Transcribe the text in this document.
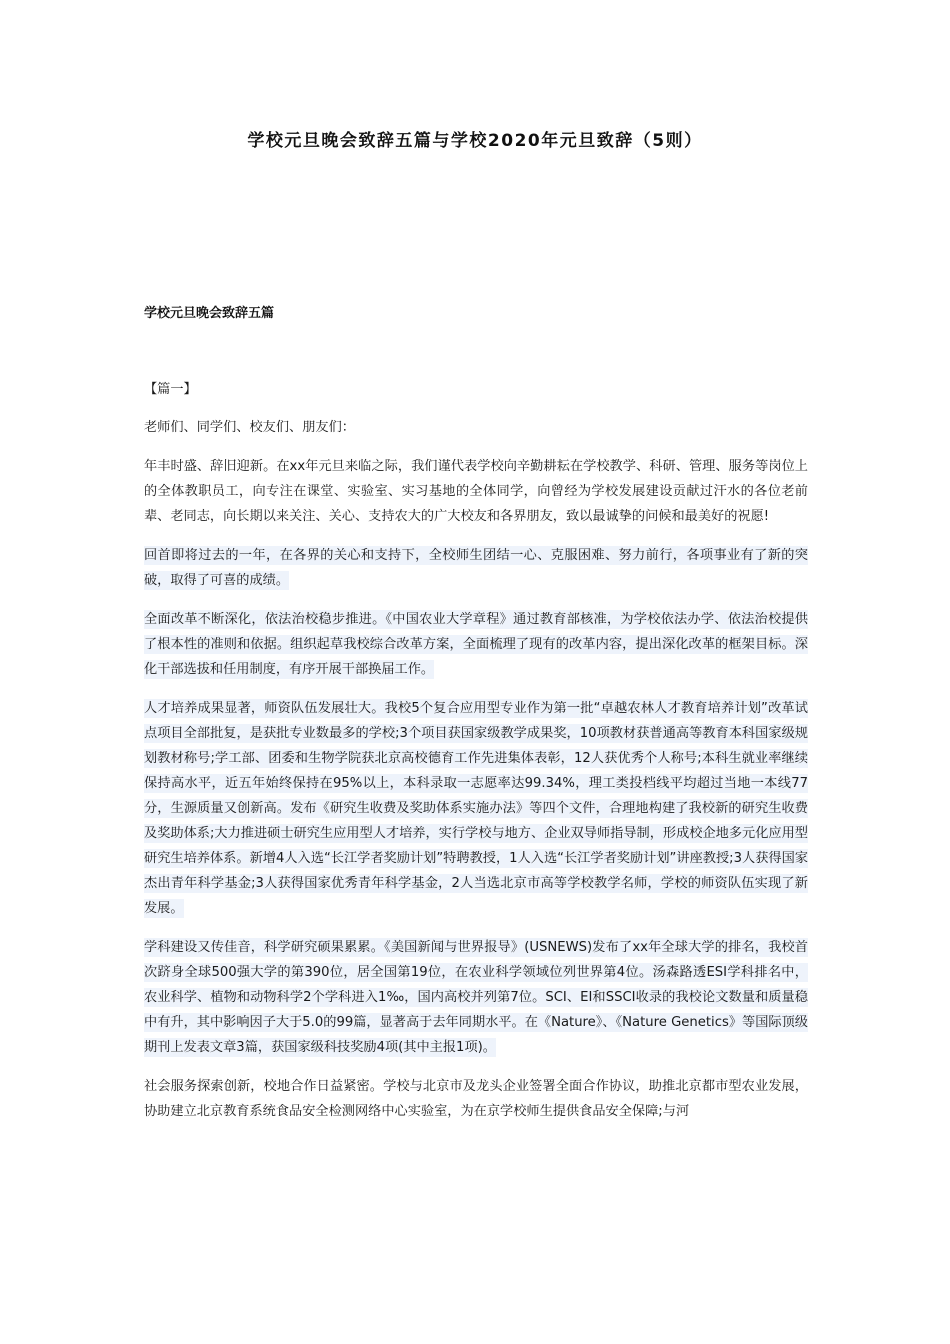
学校元旦晚会致辞五篇与学校2020年元旦致辞（5则）
学校元旦晚会致辞五篇

【篇一】

老师们、同学们、校友们、朋友们：

年丰时盛、辞旧迎新。在xx年元旦来临之际，我们谨代表学校向辛勤耕耘在学校教学、科研、管理、服务等岗位上的全体教职员工，向专注在课堂、实验室、实习基地的全体同学，向曾经为学校发展建设贡献过汗水的各位老前辈、老同志，向长期以来关注、关心、支持农大的广大校友和各界朋友，致以最诚挚的问候和最美好的祝愿!

回首即将过去的一年，在各界的关心和支持下，全校师生团结一心、克服困难、努力前行，各项事业有了新的突破，取得了可喜的成绩。

全面改革不断深化，依法治校稳步推进。《中国农业大学章程》通过教育部核准，为学校依法办学、依法治校提供了根本性的准则和依据。组织起草我校综合改革方案，全面梳理了现有的改革内容，提出深化改革的框架目标。深化干部选拔和任用制度，有序开展干部换届工作。

人才培养成果显著，师资队伍发展壮大。我校5个复合应用型专业作为第一批“卓越农林人才教育培养计划”改革试点项目全部批复，是获批专业数最多的学校;3个项目获国家级教学成果奖，10项教材获普通高等教育本科国家级规划教材称号;学工部、团委和生物学院获北京高校德育工作先进集体表彰，12人获优秀个人称号;本科生就业率继续保持高水平，近五年始终保持在95%以上，本科录取一志愿率达99.34%，理工类投档线平均超过当地一本线77分，生源质量又创新高。发布《研究生收费及奖助体系实施办法》等四个文件，合理地构建了我校新的研究生收费及奖助体系;大力推进硕士研究生应用型人才培养，实行学校与地方、企业双导师指导制，形成校企地多元化应用型研究生培养体系。新增4人入选“长江学者奖励计划”特聘教授，1人入选“长江学者奖励计划”讲座教授;3人获得国家杰出青年科学基金;3人获得国家优秀青年科学基金，2人当选北京市高等学校教学名师，学校的师资队伍实现了新发展。

学科建设又传佳音，科学研究硕果累累。《美国新闻与世界报导》(USNEWS)发布了xx年全球大学的排名，我校首次跻身全球500强大学的第390位，居全国第19位，在农业科学领域位列世界第4位。汤森路透ESI学科排名中， 农业科学、植物和动物科学2个学科进入1‰，国内高校并列第7位。SCI、EI和SSCI收录的我校论文数量和质量稳中有升，其中影响因子大于5.0的99篇，显著高于去年同期水平。在《Nature》、《Nature Genetics》等国际顶级期刊上发表文章3篇，获国家级科技奖励4项(其中主报1项)。

社会服务探索创新，校地合作日益紧密。学校与北京市及龙头企业签署全面合作协议，助推北京都市型农业发展，协助建立北京教育系统食品安全检测网络中心实验室，为在京学校师生提供食品安全保障;与河
